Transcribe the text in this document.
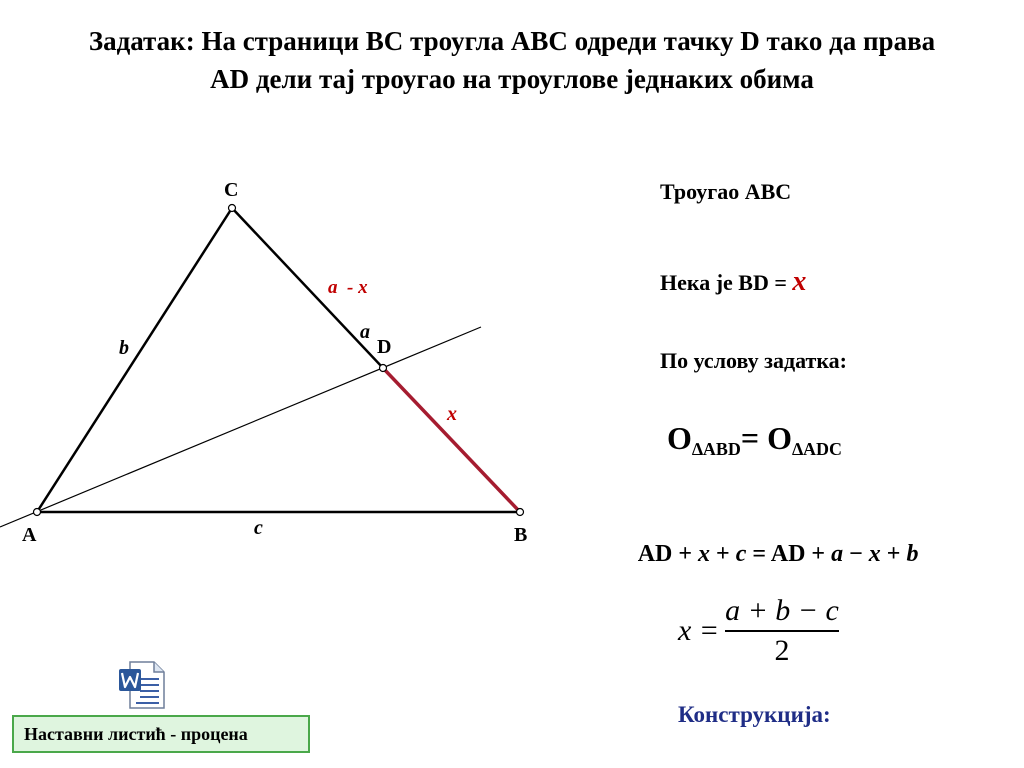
Задатак: На страници BC троугла ABC одреди тачку D тако да права
AD дели тај троугао на троуглове једнаких обима
C
A	B
D
b
c
a
x
a  - x
Троугао ABC
Нека је BD = x
По услову задатка:
$O_{\Delta ABD}= O_{\Delta ADC}$

AD + x + c = AD + a − x + b

$x = \frac{a + b - c}{2}$
Конструкција:
Наставни листић - процена
